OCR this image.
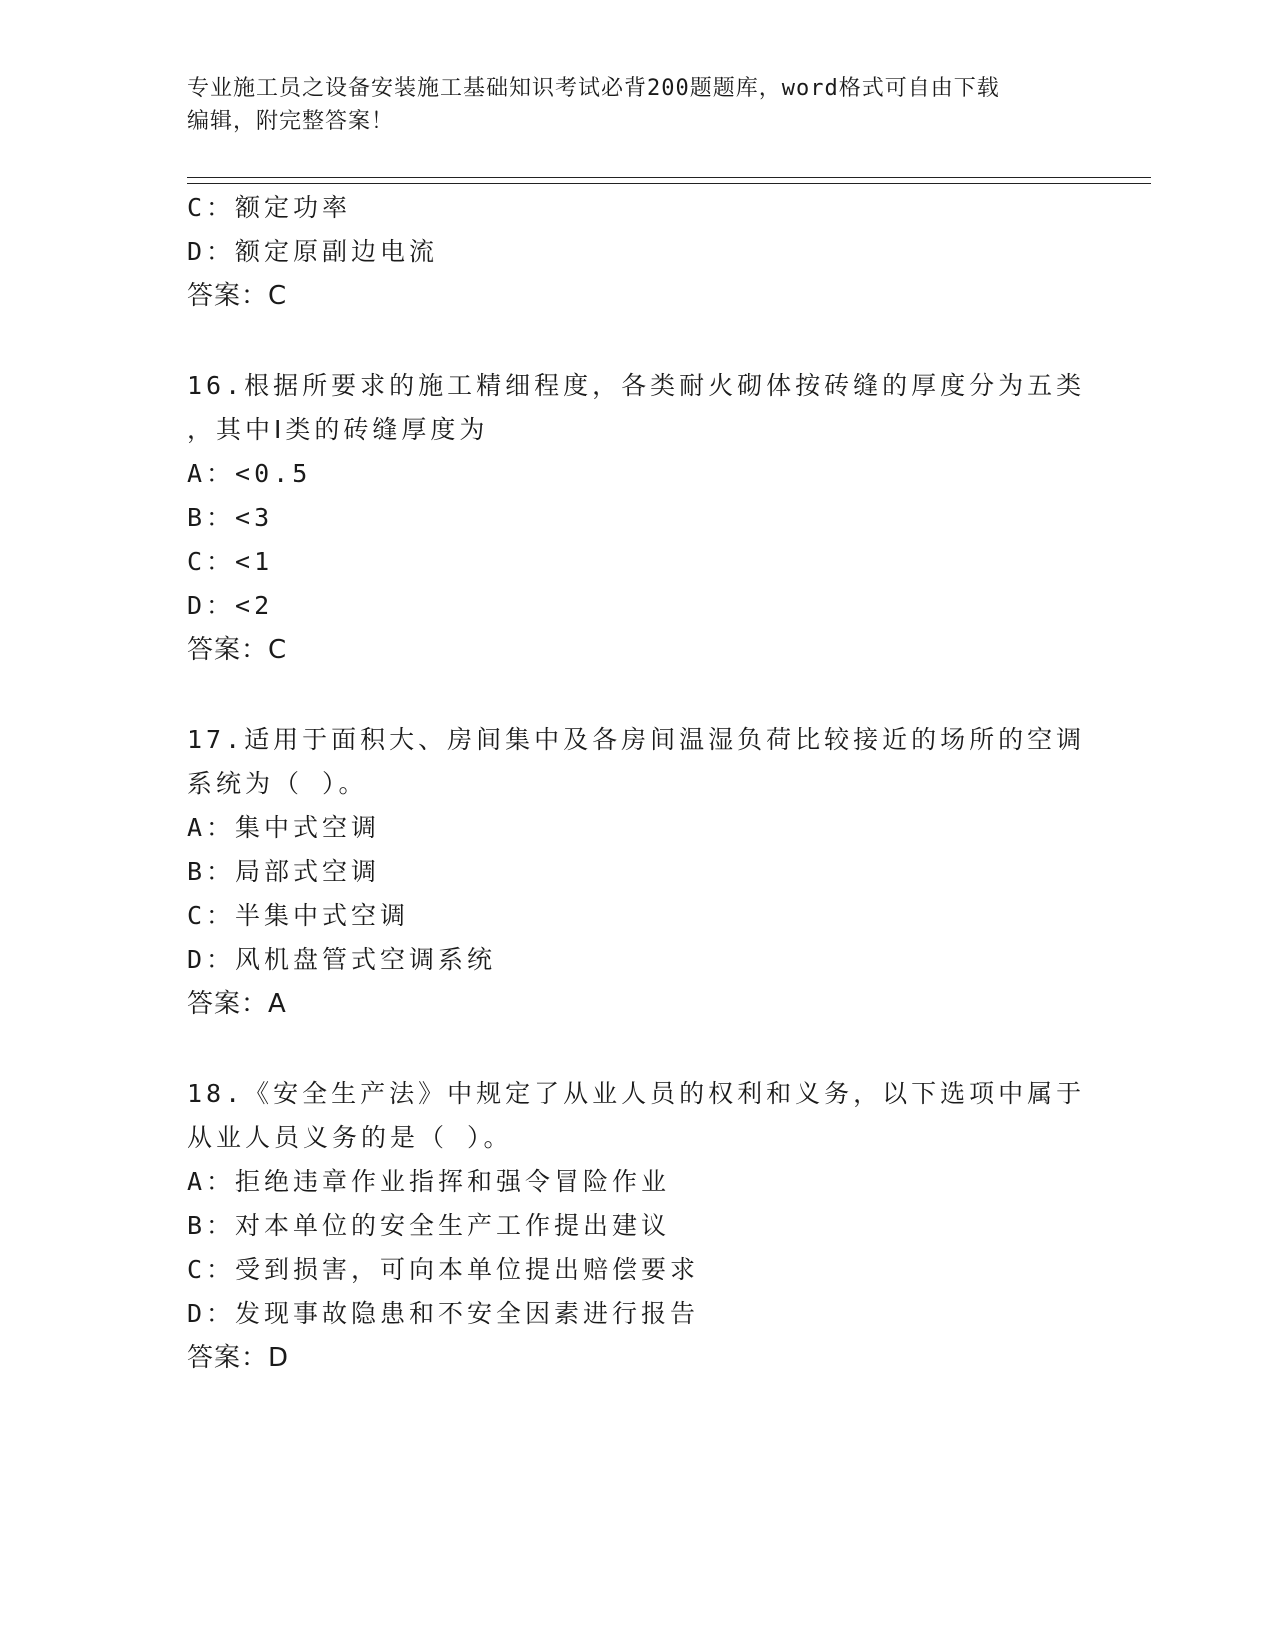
专业施工员之设备安装施工基础知识考试必背200题题库，word格式可自由下载
编辑，附完整答案！
C：额定功率
D：额定原副边电流
答案：C
16.根据所要求的施工精细程度，各类耐火砌体按砖缝的厚度分为五类
，其中Ⅰ类的砖缝厚度为
A：<0.5
B：<3
C：<1
D：<2
答案：C
17.适用于面积大、房间集中及各房间温湿负荷比较接近的场所的空调
系统为（ ）。
A：集中式空调
B：局部式空调
C：半集中式空调
D：风机盘管式空调系统
答案：A
18.《安全生产法》中规定了从业人员的权利和义务，以下选项中属于
从业人员义务的是（ ）。
A：拒绝违章作业指挥和强令冒险作业
B：对本单位的安全生产工作提出建议
C：受到损害，可向本单位提出赔偿要求
D：发现事故隐患和不安全因素进行报告
答案：D
